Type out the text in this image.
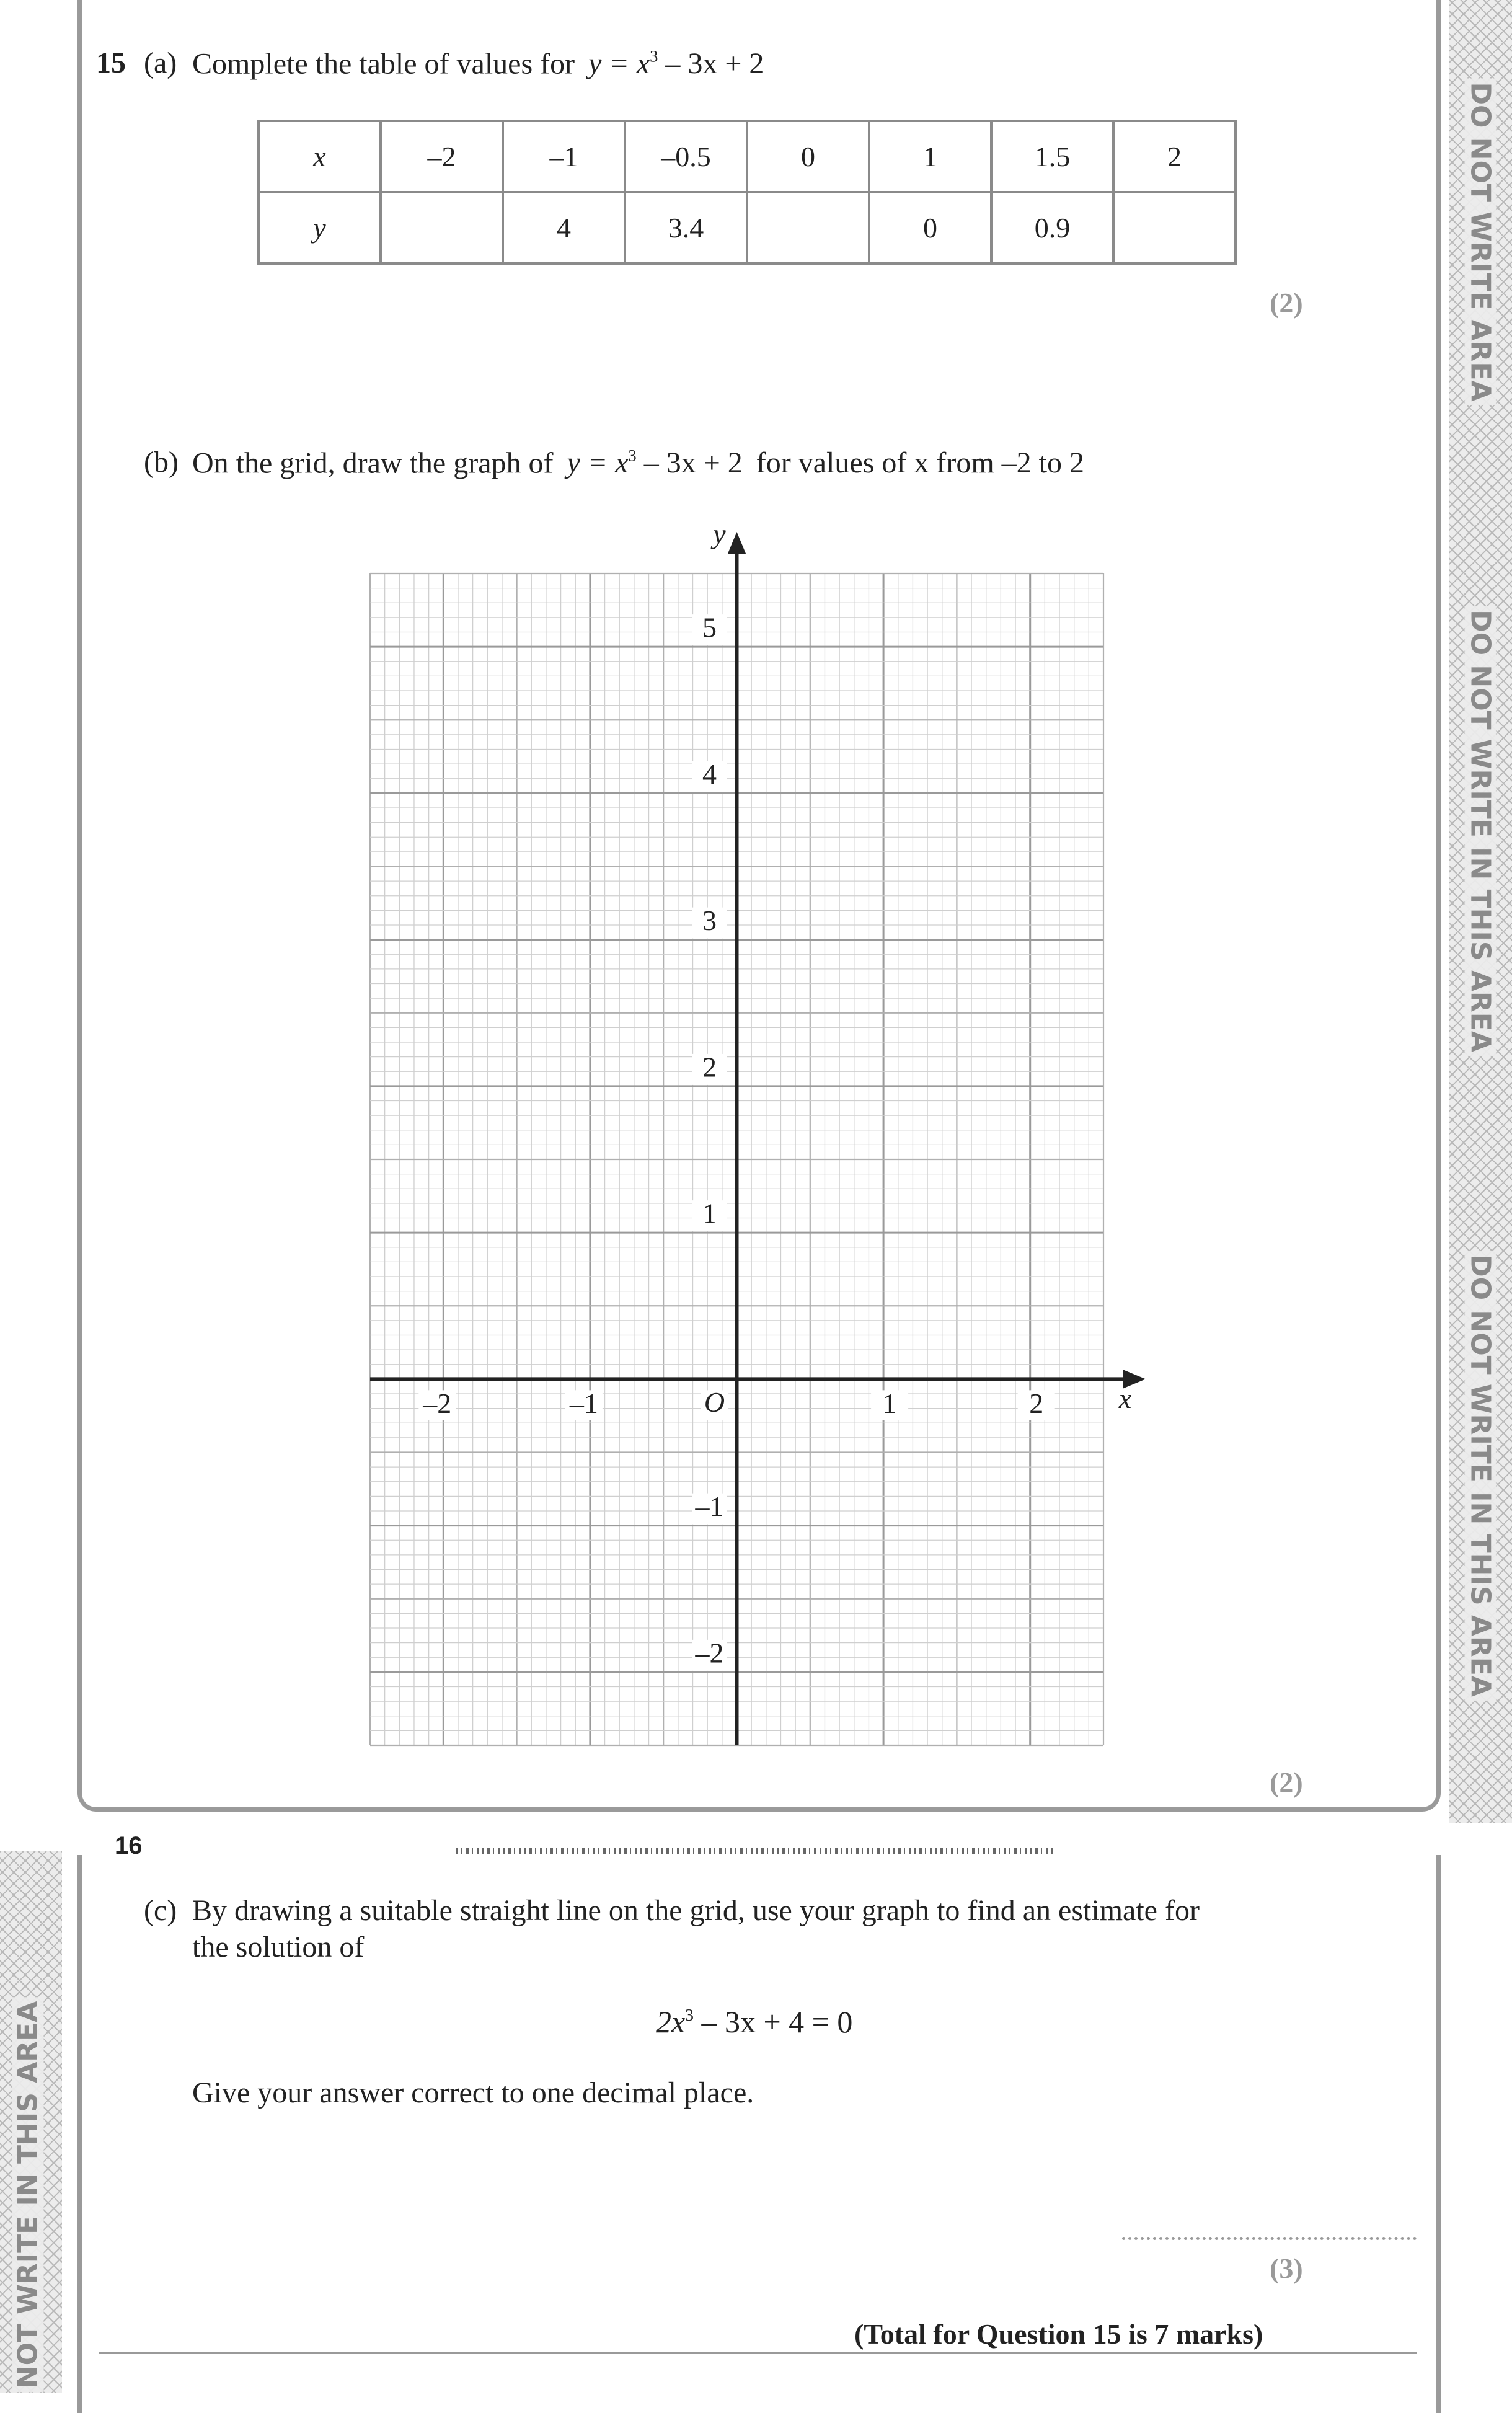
DO NOT WRITE AREA
DO NOT WRITE IN THIS AREA
DO NOT WRITE IN THIS AREA
NOT WRITE IN THIS AREA
16
15 (a) Complete the table of values for $y = x^3 - 3x + 2$
x	–2	–1	–0.5	0	1	1.5	2
y		4	3.4		0	0.9	
(2)
(b) On the grid, draw the graph of $y = x^3 - 3x + 2$ for values of x from –2 to 2
–2	–1	1	2
–2
–1
1
2
3
4
5
O	x
y
(2)
(c) By drawing a suitable straight line on the grid, use your graph to find an estimate for
the solution of
$2x^3 - 3x + 4 = 0$
Give your answer correct to one decimal place.
(3)
(Total for Question 15 is 7 marks)
